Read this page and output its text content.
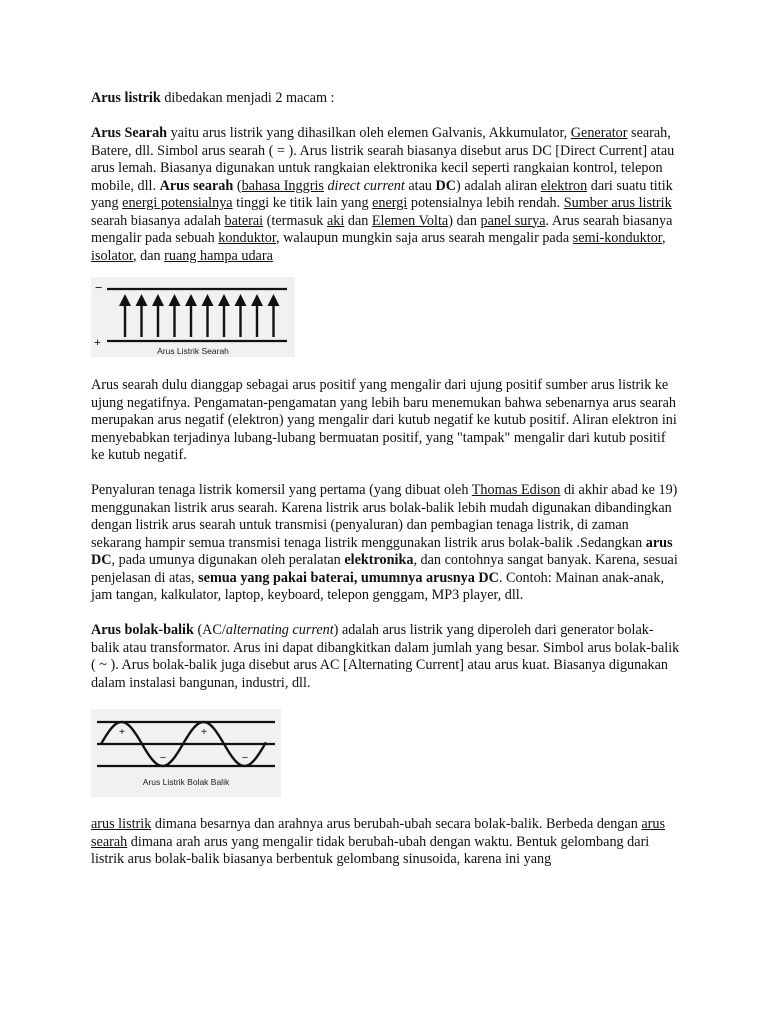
Arus listrik dibedakan menjadi 2 macam :

Arus Searah yaitu arus listrik yang dihasilkan oleh elemen Galvanis, Akkumulator, Generator searah, Batere, dll. Simbol arus searah ( = ). Arus listrik searah biasanya disebut arus DC [Direct Current] atau arus lemah. Biasanya digunakan untuk rangkaian elektronika kecil seperti rangkaian kontrol, telepon mobile, dll. Arus searah (bahasa Inggris direct current atau DC) adalah aliran elektron dari suatu titik yang energi potensialnya tinggi ke titik lain yang energi potensialnya lebih rendah. Sumber arus listrik searah biasanya adalah baterai (termasuk aki dan Elemen Volta) dan panel surya. Arus searah biasanya mengalir pada sebuah konduktor, walaupun mungkin saja arus searah mengalir pada semi-konduktor, isolator, dan ruang hampa udara

−
+
Arus Listrik Searah

Arus searah dulu dianggap sebagai arus positif yang mengalir dari ujung positif sumber arus listrik ke ujung negatifnya. Pengamatan-pengamatan yang lebih baru menemukan bahwa sebenarnya arus searah merupakan arus negatif (elektron) yang mengalir dari kutub negatif ke kutub positif. Aliran elektron ini menyebabkan terjadinya lubang-lubang bermuatan positif, yang "tampak" mengalir dari kutub positif ke kutub negatif.

Penyaluran tenaga listrik komersil yang pertama (yang dibuat oleh Thomas Edison di akhir abad ke 19) menggunakan listrik arus searah. Karena listrik arus bolak-balik lebih mudah digunakan dibandingkan dengan listrik arus searah untuk transmisi (penyaluran) dan pembagian tenaga listrik, di zaman sekarang hampir semua transmisi tenaga listrik menggunakan listrik arus bolak-balik .Sedangkan arus DC, pada umunya digunakan oleh peralatan elektronika, dan contohnya sangat banyak. Karena, sesuai penjelasan di atas, semua yang pakai baterai, umumnya arusnya DC. Contoh: Mainan anak-anak, jam tangan, kalkulator, laptop, keyboard, telepon genggam, MP3 player, dll.

Arus bolak-balik (AC/alternating current) adalah arus listrik yang diperoleh dari generator bolak-balik atau transformator. Arus ini dapat dibangkitkan dalam jumlah yang besar. Simbol arus bolak-balik ( ~ ). Arus bolak-balik juga disebut arus AC [Alternating Current] atau arus kuat. Biasanya digunakan dalam instalasi bangunan, industri, dll.

+	+
−	−
Arus Listrik Bolak Balik

arus listrik dimana besarnya dan arahnya arus berubah-ubah secara bolak-balik. Berbeda dengan arus searah dimana arah arus yang mengalir tidak berubah-ubah dengan waktu. Bentuk gelombang dari listrik arus bolak-balik biasanya berbentuk gelombang sinusoida, karena ini yang
